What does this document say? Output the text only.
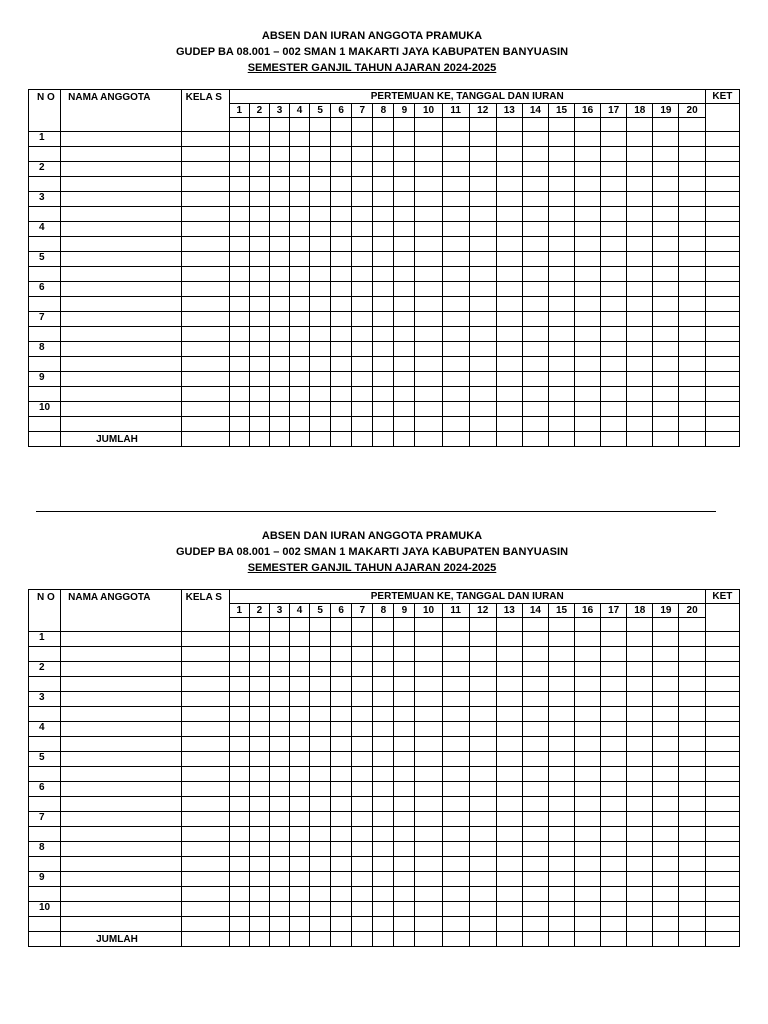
ABSEN DAN IURAN ANGGOTA PRAMUKA
GUDEP BA 08.001 – 002 SMAN 1 MAKARTI JAYA KABUPATEN BANYUASIN
SEMESTER GANJIL TAHUN AJARAN 2024-2025
N O	NAMA ANGGOTA	KELA S	PERTEMUAN KE, TANGGAL DAN IURAN																				KET
			1	2	3	4	5	6	7	8	9	10	11	12	13	14	15	16	17	18	19	20	

1																							

2																							

3																							

4																							

5																							

6																							

7																							

8																							

9																							

10																							

	JUMLAH																						
ABSEN DAN IURAN ANGGOTA PRAMUKA
GUDEP BA 08.001 – 002 SMAN 1 MAKARTI JAYA KABUPATEN BANYUASIN
SEMESTER GANJIL TAHUN AJARAN 2024-2025
N O	NAMA ANGGOTA	KELA S	PERTEMUAN KE, TANGGAL DAN IURAN																				KET
			1	2	3	4	5	6	7	8	9	10	11	12	13	14	15	16	17	18	19	20	

1																							

2																							

3																							

4																							

5																							

6																							

7																							

8																							

9																							

10																							

	JUMLAH																						
